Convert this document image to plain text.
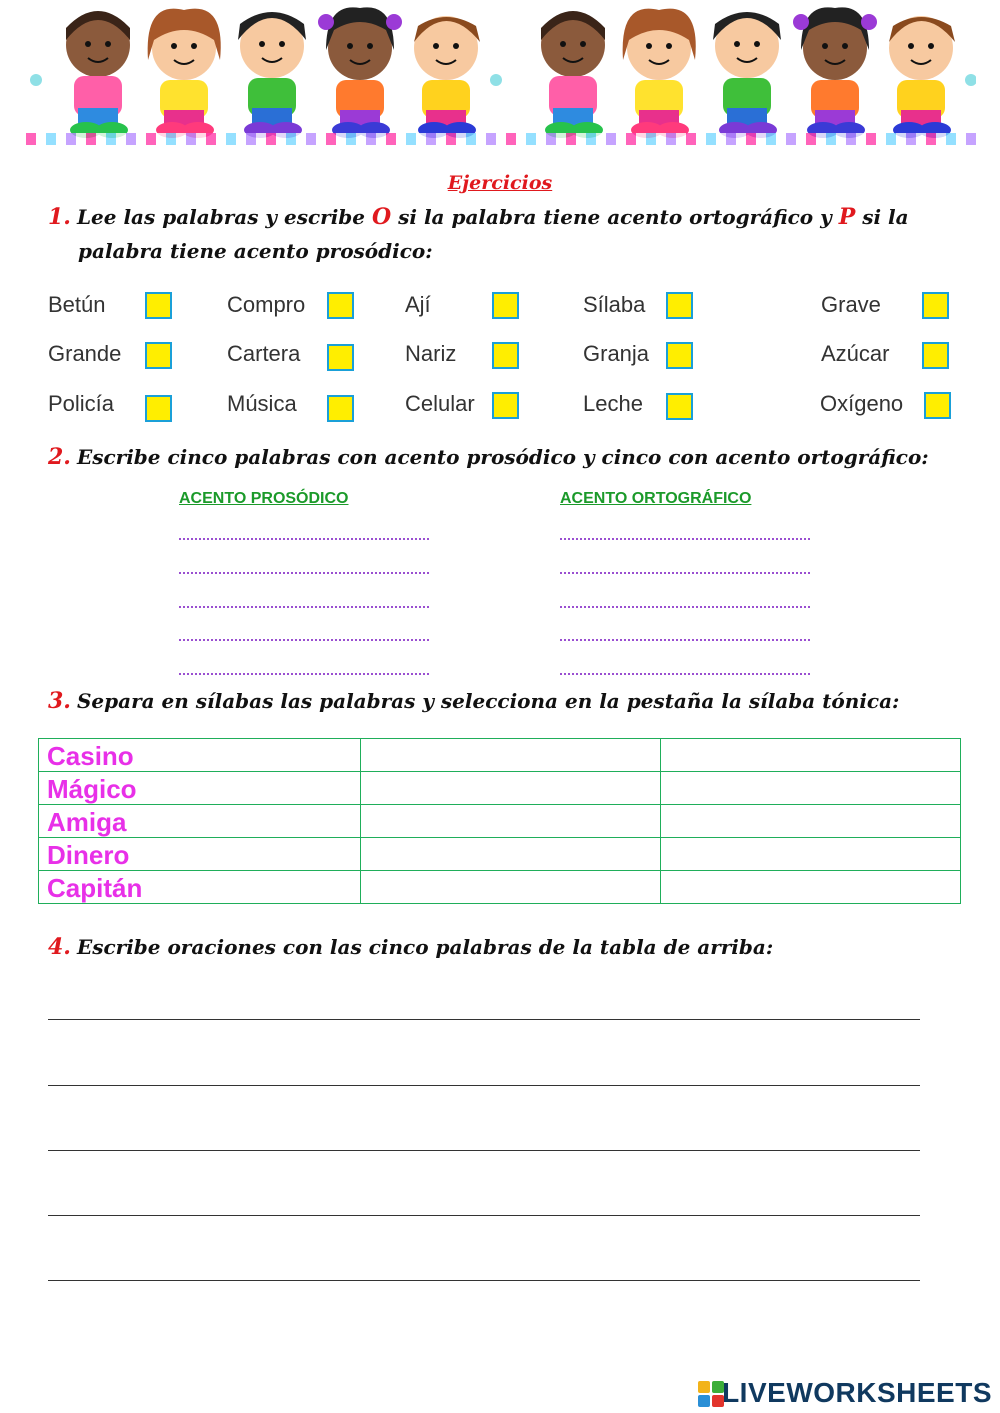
Ejercicios
1. Lee las palabras y escribe O si la palabra tiene acento ortográfico y P si la
palabra tiene acento prosódico:
Betún	Compro	Ají	Sílaba	Grave
Grande	Cartera	Nariz	Granja	Azúcar
Policía	Música	Celular	Leche	Oxígeno
2. Escribe cinco palabras con acento prosódico y cinco con acento ortográfico:
ACENTO PROSÓDICO	ACENTO ORTOGRÁFICO
3. Separa en sílabas las palabras y selecciona en la pestaña la sílaba tónica:
Casino		
Mágico		
Amiga		
Dinero		
Capitán		
4. Escribe oraciones con las cinco palabras de la tabla de arriba:
LIVEWORKSHEETS
